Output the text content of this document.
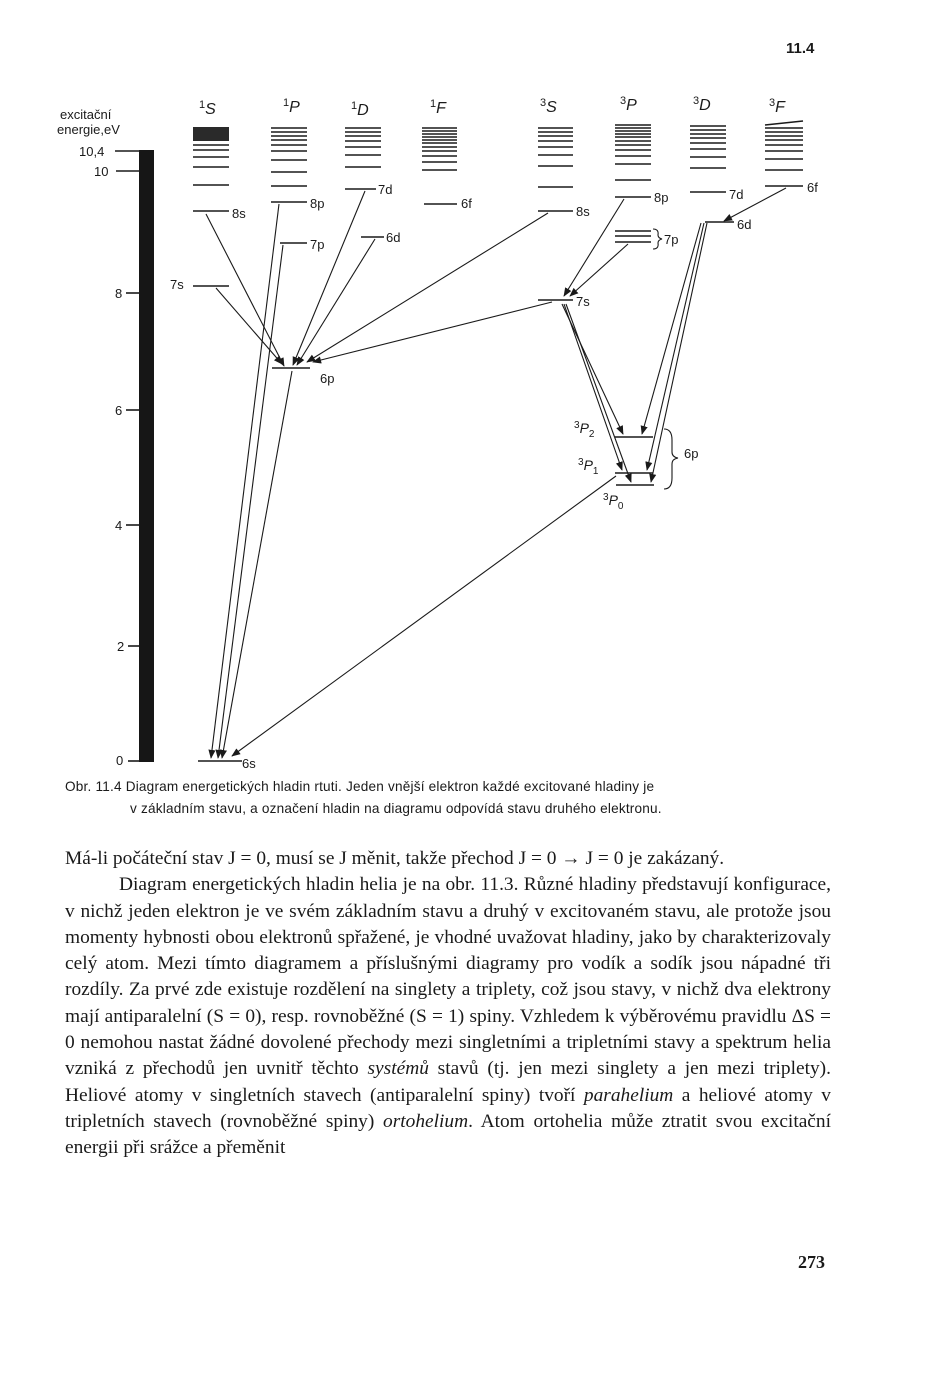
11.4
excitační
energie,eV
10,4
10
8
6
4
2
0
$^1$S	$^1$P	$^1$D	$^1$F	$^3$S	$^3$P	$^3$D	$^3$F
8s
7s
8p
7p
6p
7d
6d
6f
8s
7s
8p
7p
6p
7d
6d
6f
6s
$^3P_2$
$^3P_1$
$^3P_0$
Obr. 11.4 Diagram energetických hladin rtuti. Jeden vnější elektron každé excitované hladiny je
v základním stavu, a označení hladin na diagramu odpovídá stavu druhého elektronu.

Má-li počáteční stav J = 0, musí se J měnit, takže přechod J = 0 → J = 0 je zakázaný.

Diagram energetických hladin helia je na obr. 11.3. Různé hladiny představují konfigurace, v nichž jeden elektron je ve svém základním stavu a druhý v excitovaném stavu, ale protože jsou momenty hybnosti obou elektronů spřažené, je vhodné uvažovat hladiny, jako by charakterizovaly celý atom. Mezi tímto diagramem a příslušnými diagramy pro vodík a sodík jsou nápadné tři rozdíly. Za prvé zde existuje rozdělení na singlety a triplety, což jsou stavy, v nichž dva elektrony mají antiparalelní (S = 0), resp. rovnoběžné (S = 1) spiny. Vzhledem k výběrovému pravidlu ΔS = 0 nemohou nastat žádné dovolené přechody mezi singletními a tripletními stavy a spektrum helia vzniká z přechodů jen uvnitř těchto systémů stavů (tj. jen mezi singlety a jen mezi triplety). Heliové atomy v singletních stavech (antiparalelní spiny) tvoří parahelium a heliové atomy v tripletních stavech (rovnoběžné spiny) ortohelium. Atom ortohelia může ztratit svou excitační energii při srážce a přeměnit

273
